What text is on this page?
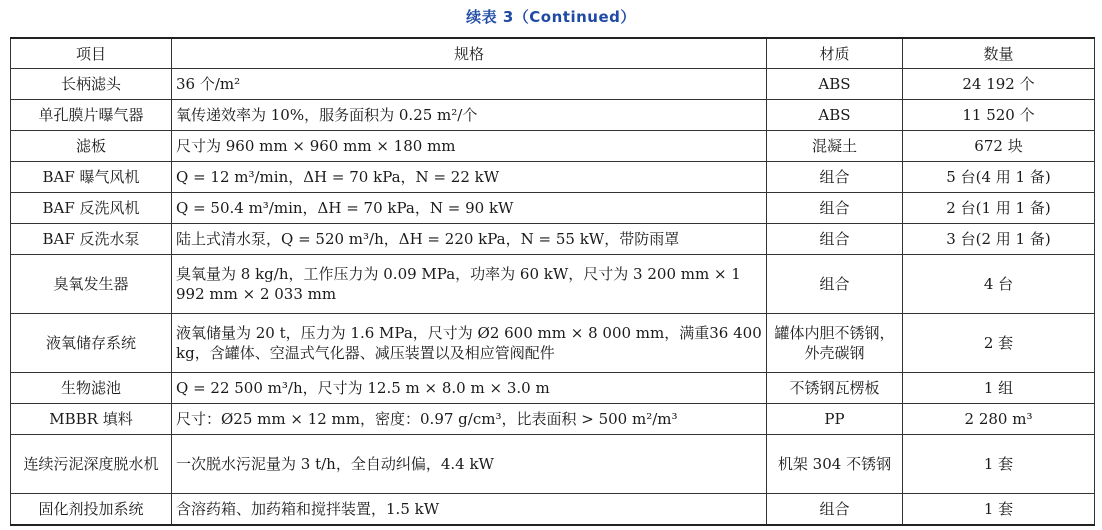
续表 3（Continued）
项目	规格	材质	数量
长柄滤头	36 个/m²	ABS	24 192 个
单孔膜片曝气器	氧传递效率为 10%，服务面积为 0.25 m²/个	ABS	11 520 个
滤板	尺寸为 960 mm × 960 mm × 180 mm	混凝土	672 块
BAF 曝气风机	Q = 12 m³/min，ΔH = 70 kPa，N = 22 kW	组合	5 台(4 用 1 备)
BAF 反洗风机	Q = 50.4 m³/min，ΔH = 70 kPa，N = 90 kW	组合	2 台(1 用 1 备)
BAF 反洗水泵	陆上式清水泵，Q = 520 m³/h，ΔH = 220 kPa，N = 55 kW，带防雨罩	组合	3 台(2 用 1 备)
臭氧发生器	臭氧量为 8 kg/h，工作压力为 0.09 MPa，功率为 60 kW，尺寸为 3 200 mm × 1 992 mm × 2 033 mm	组合	4 台
液氧储存系统	液氧储量为 20 t，压力为 1.6 MPa，尺寸为 Ø2 600 mm × 8 000 mm，满重36 400 kg，含罐体、空温式气化器、减压装置以及相应管阀配件	罐体内胆不锈钢，外壳碳钢	2 套
生物滤池	Q = 22 500 m³/h，尺寸为 12.5 m × 8.0 m × 3.0 m	不锈钢瓦楞板	1 组
MBBR 填料	尺寸：Ø25 mm × 12 mm，密度：0.97 g/cm³，比表面积 > 500 m²/m³	PP	2 280 m³
连续污泥深度脱水机	一次脱水污泥量为 3 t/h，全自动纠偏，4.4 kW	机架 304 不锈钢	1 套
固化剂投加系统	含溶药箱、加药箱和搅拌装置，1.5 kW	组合	1 套
